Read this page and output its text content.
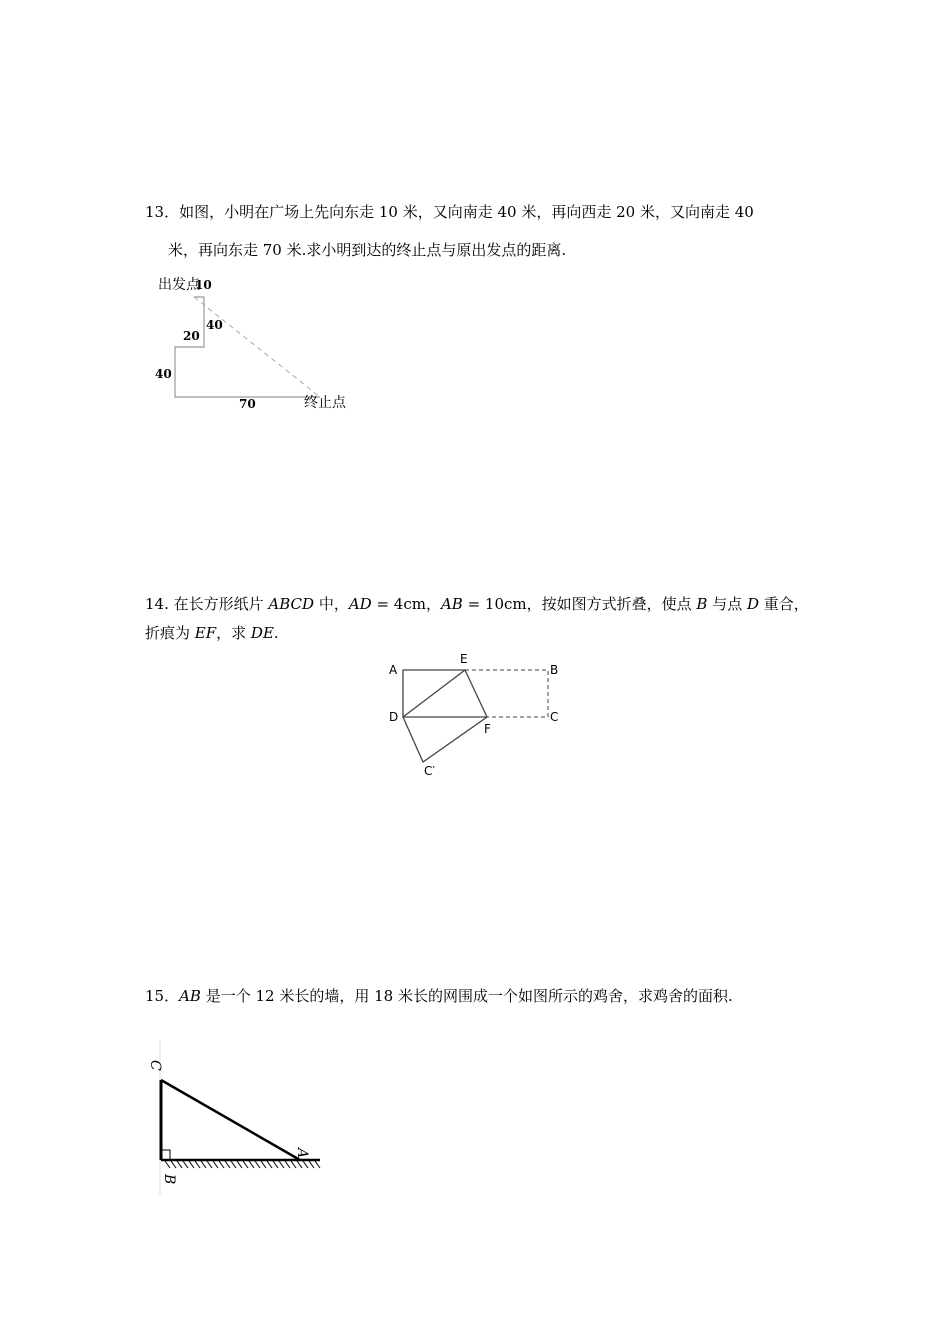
13．如图，小明在广场上先向东走 10 米，又向南走 40 米，再向西走 20 米，又向南走 40
米，再向东走 70 米.求小明到达的终止点与原出发点的距离.
出发点
10
40
20
40
70	终止点
14. 在长方形纸片 ABCD 中，AD = 4cm，AB = 10cm，按如图方式折叠，使点 B 与点 D 重合，
折痕为 EF，求 DE.
A
E
B
D
F
C
C′
15．AB 是一个 12 米长的墙，用 18 米长的网围成一个如图所示的鸡舍，求鸡舍的面积.
C
A
B
